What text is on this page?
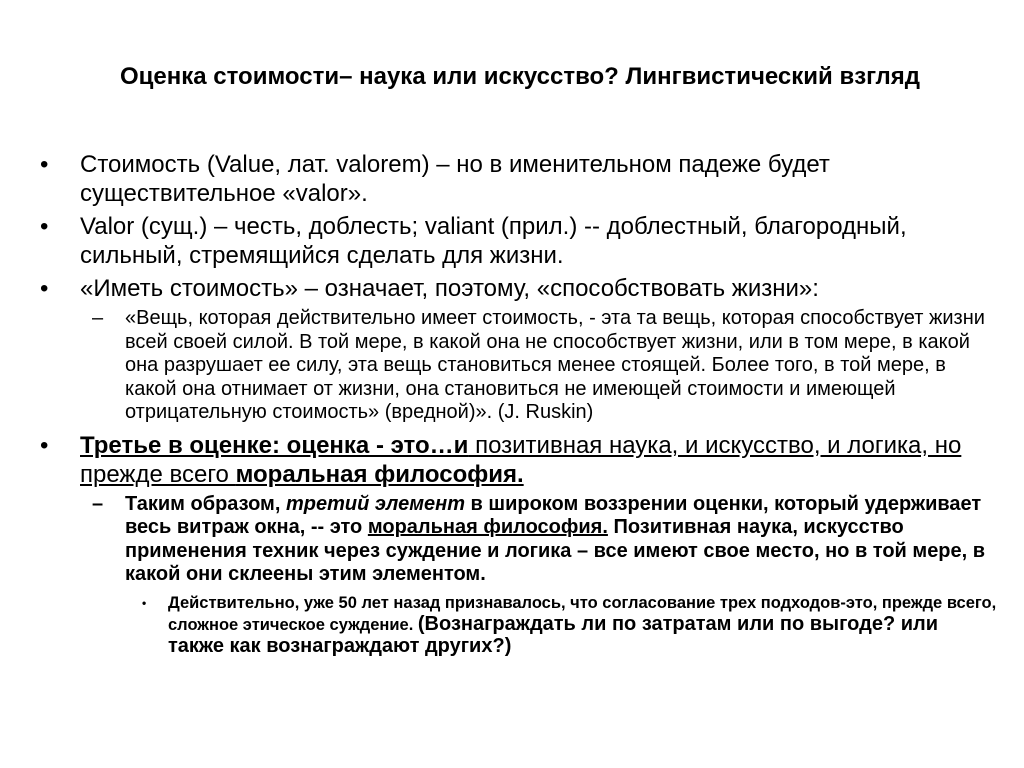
Оценка стоимости– наука или искусство? Лингвистический взгляд
• Стоимость (Value, лат. valorem) – но в именительном падеже будет существительное «valor».
• Valor (сущ.) – честь, доблесть; valiant (прил.) -- доблестный, благородный, сильный, стремящийся сделать для жизни.
• «Иметь стоимость» – означает, поэтому, «способствовать жизни»:
– «Вещь, которая действительно имеет стоимость, - эта та вещь, которая способствует жизни всей своей силой. В той мере, в какой она не способствует жизни, или в том мере, в какой она разрушает ее силу, эта вещь становиться менее стоящей. Более того, в той мере, в какой она отнимает от жизни, она становиться не имеющей стоимости и имеющей отрицательную стоимость» (вредной)». (J. Ruskin)
• Третье в оценке: оценка - это…и позитивная наука, и искусство, и логика, но прежде всего моральная философия.
– Таким образом, третий элемент в широком воззрении оценки, который удерживает весь витраж окна, -- это моральная философия. Позитивная наука, искусство применения техник через суждение и логика – все имеют свое место, но в той мере, в какой они склеены этим элементом.
• Действительно, уже 50 лет назад признавалось, что согласование трех подходов-это, прежде всего, сложное этическое суждение. (Вознаграждать ли по затратам или по выгоде? или также как вознаграждают других?)
